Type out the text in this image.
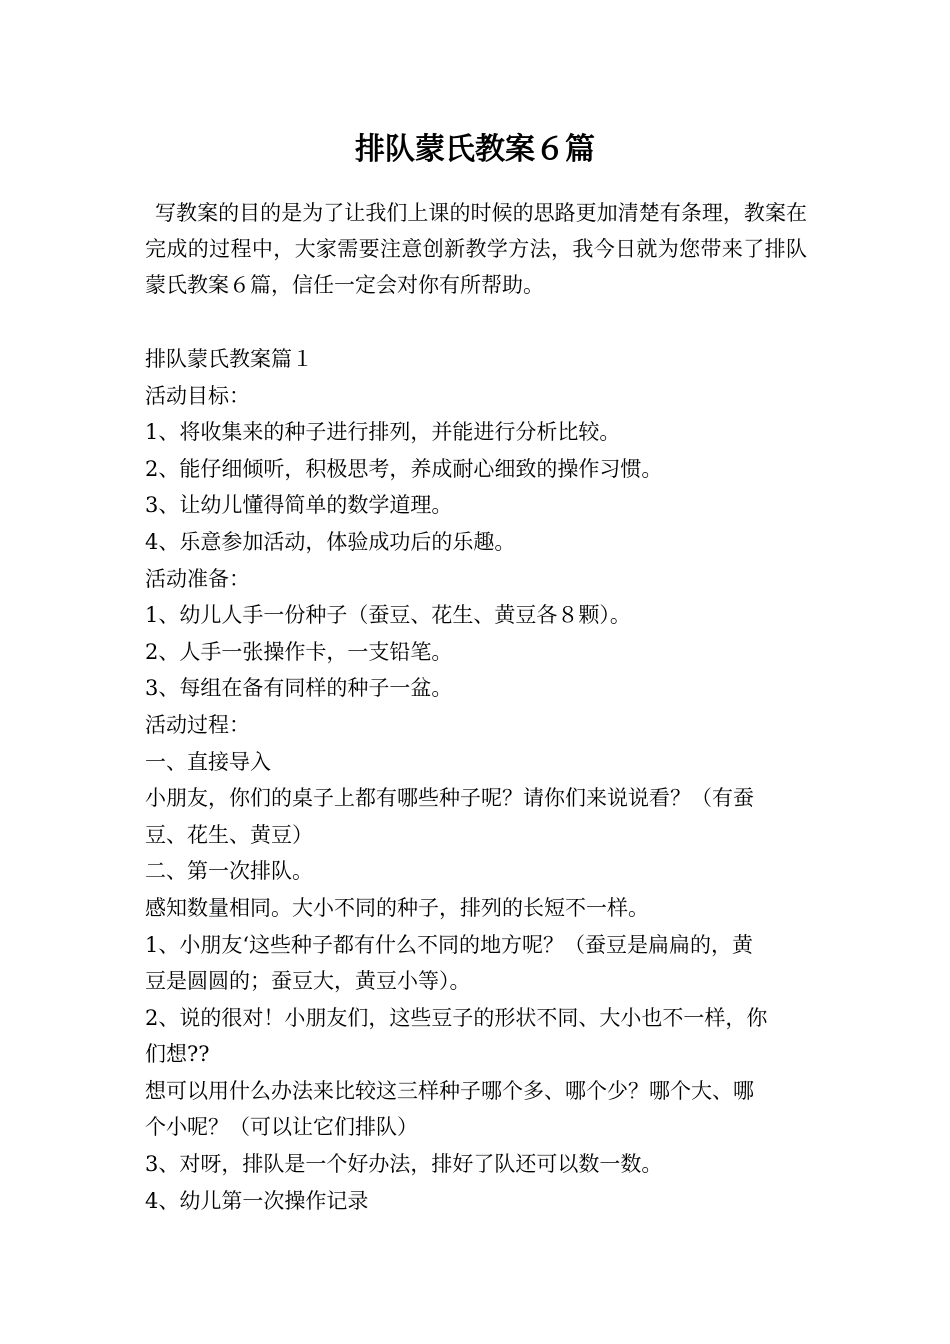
排队蒙氏教案６篇

写教案的目的是为了让我们上课的时候的思路更加清楚有条理，教案在完成的过程中，大家需要注意创新教学方法，我今日就为您带来了排队蒙氏教案６篇，信任一定会对你有所帮助。

排队蒙氏教案篇１

活动目标：

1、将收集来的种子进行排列，并能进行分析比较。

2、能仔细倾听，积极思考，养成耐心细致的操作习惯。

3、让幼儿懂得简单的数学道理。

4、乐意参加活动，体验成功后的乐趣。

活动准备：

1、幼儿人手一份种子（蚕豆、花生、黄豆各８颗）。

2、人手一张操作卡，一支铅笔。

3、每组在备有同样的种子一盆。

活动过程：

一、直接导入

小朋友，你们的桌子上都有哪些种子呢？请你们来说说看？（有蚕

豆、花生、黄豆）

二、第一次排队。

感知数量相同。大小不同的种子，排列的长短不一样。

1、小朋友‘这些种子都有什么不同的地方呢？（蚕豆是扁扁的，黄

豆是圆圆的；蚕豆大，黄豆小等）。

2、说的很对！小朋友们，这些豆子的形状不同、大小也不一样，你

们想??

想可以用什么办法来比较这三样种子哪个多、哪个少？哪个大、哪

个小呢？（可以让它们排队）

3、对呀，排队是一个好办法，排好了队还可以数一数。

4、幼儿第一次操作记录
